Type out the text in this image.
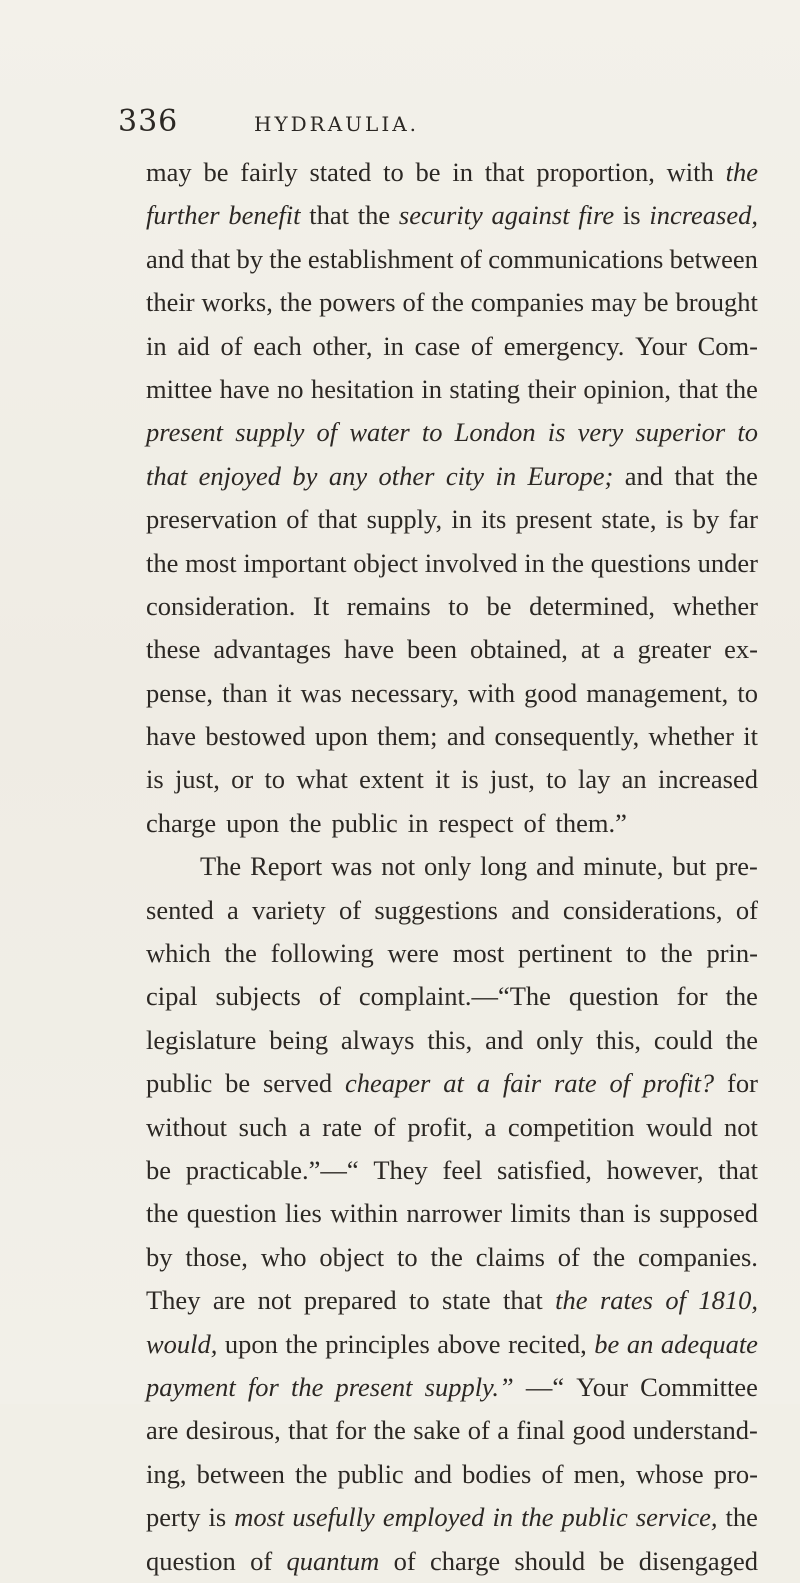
336	HYDRAULIA.
may be fairly stated to be in that proportion, with the
further benefit that the security against fire is increased,
and that by the establishment of communications between
their works, the powers of the companies may be brought
in aid of each other, in case of emergency. Your Com-
mittee have no hesitation in stating their opinion, that the
present supply of water to London is very superior to
that enjoyed by any other city in Europe; and that the
preservation of that supply, in its present state, is by far
the most important object involved in the questions under
consideration. It remains to be determined, whether
these advantages have been obtained, at a greater ex-
pense, than it was necessary, with good management, to
have bestowed upon them; and consequently, whether it
is just, or to what extent it is just, to lay an increased
charge upon the public in respect of them.”
The Report was not only long and minute, but pre-
sented a variety of suggestions and considerations, of
which the following were most pertinent to the prin-
cipal subjects of complaint.—“The question for the
legislature being always this, and only this, could the
public be served cheaper at a fair rate of profit? for
without such a rate of profit, a competition would not
be practicable.”—“ They feel satisfied, however, that
the question lies within narrower limits than is supposed
by those, who object to the claims of the companies.
They are not prepared to state that the rates of 1810,
would, upon the principles above recited, be an adequate
payment for the present supply.” —“ Your Committee
are desirous, that for the sake of a final good understand-
ing, between the public and bodies of men, whose pro-
perty is most usefully employed in the public service, the
question of quantum of charge should be disengaged
